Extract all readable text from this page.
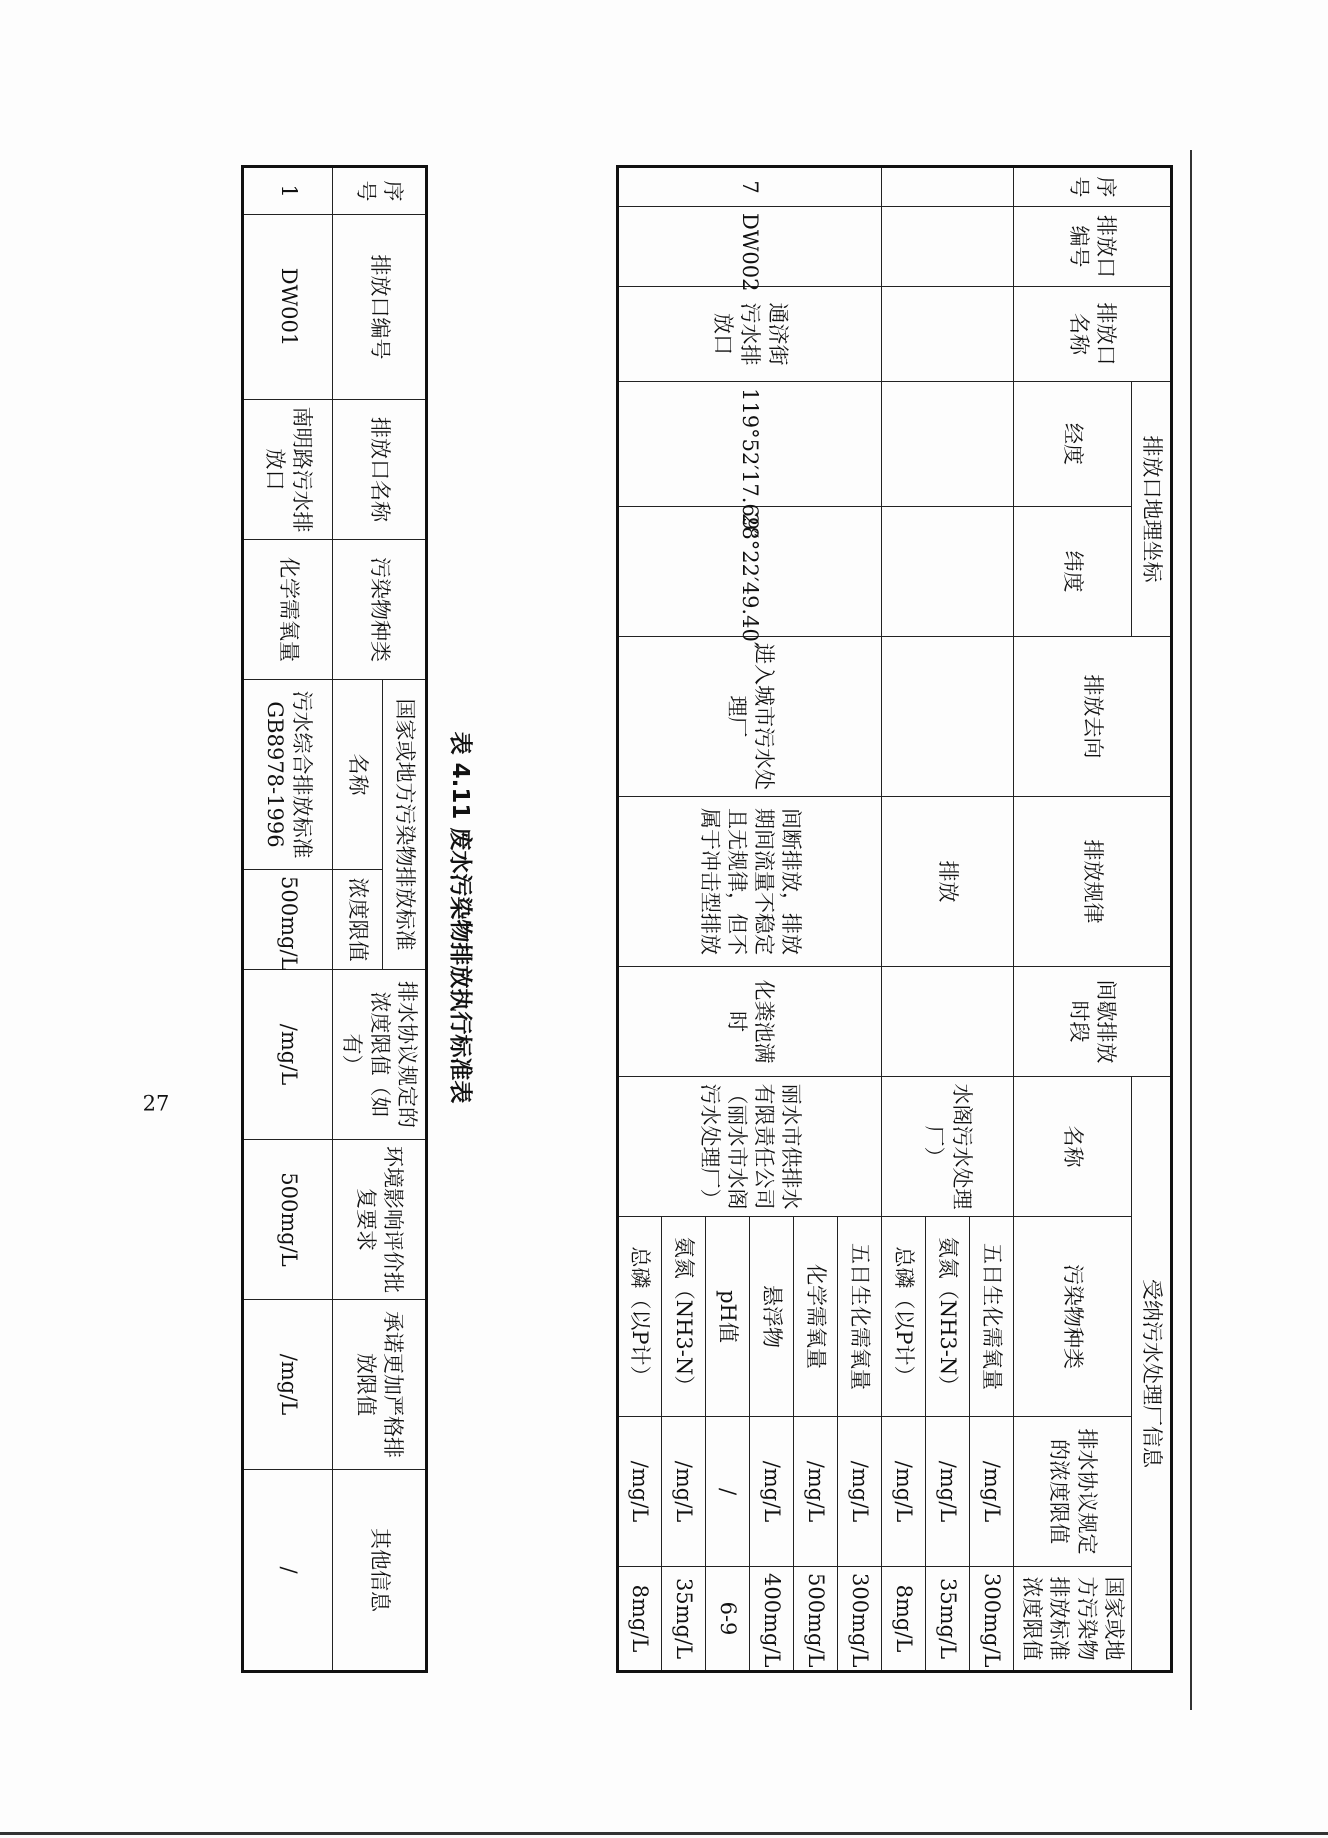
序号	排放口编号	排放口名称	排放口地理坐标		排放去向	排放规律	间歇排放时段	受纳污水处理厂信息			
			经度	纬度				名称	污染物种类	排水协议规定的浓度限值	国家或地方污染物排放标准浓度限值
						排放		水阁污水处理厂）	五日生化需氧量	/mg/L	300mg/L
									氨氮（NH3-N）	/mg/L	35mg/L
									总磷（以P计）	/mg/L	8mg/L
7	DW002	通济街污水排放口	119°52′17.69″	28°22′49.40″	进入城市污水处理厂	间断排放，排放期间流量不稳定且无规律，但不属于冲击型排放	化粪池满时	丽水市供排水有限责任公司（丽水市水阁污水处理厂）	五日生化需氧量	/mg/L	300mg/L
									化学需氧量	/mg/L	500mg/L
									悬浮物	/mg/L	400mg/L
									pH值	/	6-9
									氨氮（NH3-N）	/mg/L	35mg/L
									总磷（以P计）	/mg/L	8mg/L
表 4.11 废水污染物排放执行标准表
序号	排放口编号	排放口名称	污染物种类	国家或地方污染物排放标准		排水协议规定的浓度限值（如有）	环境影响评价批复要求	承诺更加严格排放限值	其他信息
				名称	浓度限值				
1	DW001	南明路污水排放口	化学需氧量	污水综合排放标准GB8978-1996	500mg/L	/mg/L	500mg/L	/mg/L	/
27
